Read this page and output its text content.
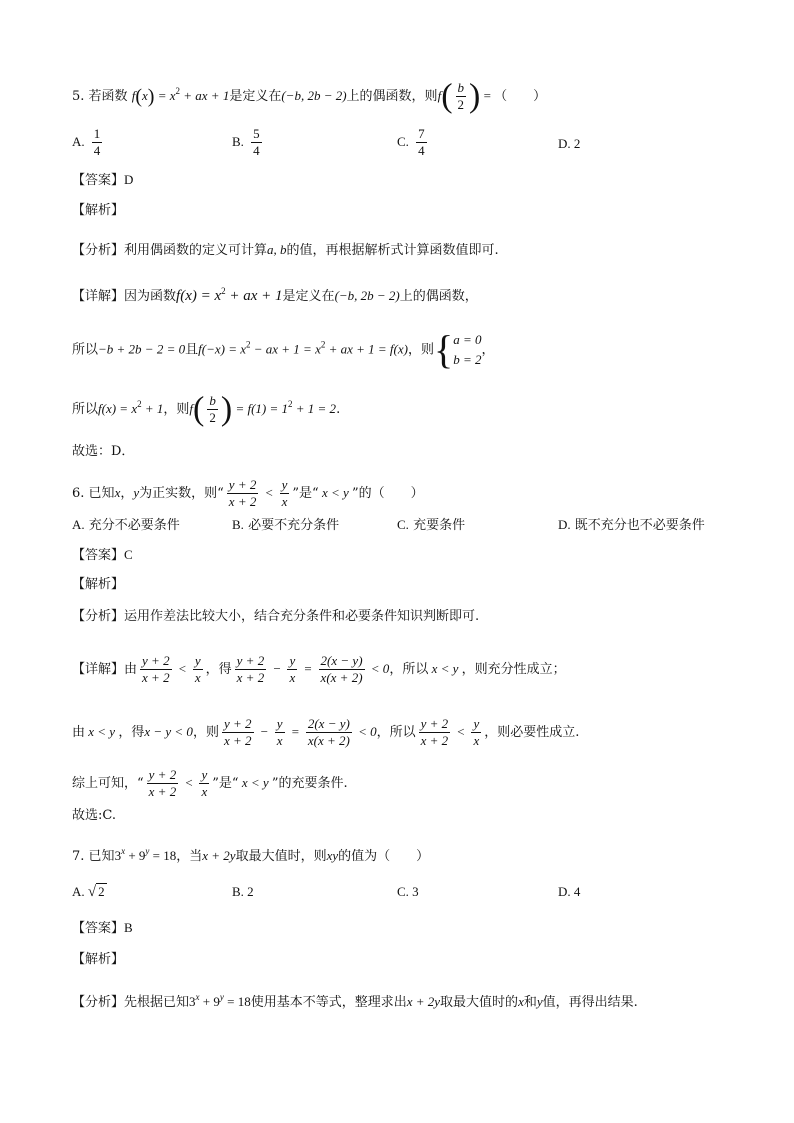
5. 若函数 $f(x) = x^2$ + ax + 1是定义在(−b, 2b − 2)上的偶函数，则$f( \frac{b}{2}$ ) = （　　）
A. $\frac{1}{4}$	B. $\frac{5}{4}$	C. $\frac{7}{4}$	D. 2
【答案】D
【解析】
【分析】利用偶函数的定义可计算a, b的值，再根据解析式计算函数值即可.
【详解】因为函数$f(x) = x^2$ + ax + 1是定义在(−b, 2b − 2)上的偶函数，
所以−b + 2b − 2 = 0且$f(-x) = x^2$ − ax + $1 = x^2$ + ax + 1 = f(x)，则{ a = 0
b = 2
，
所以$f(x) = x^2 + 1$，则$f( \frac{b}{2}$ ) = $f(1) = 1^2 + 1 = 2$.
故选：D．
6. 已知x，y为正实数，则“ $\frac{y + 2}{x + 2} < \frac{y}{x}$ ”是“ x < y ”的（　　）
A. 充分不必要条件	B. 必要不充分条件	C. 充要条件	D. 既不充分也不必要条件
【答案】C
【解析】
【分析】运用作差法比较大小，结合充分条件和必要条件知识判断即可.
【详解】由 $\frac{y + 2}{x + 2} < \frac{y}{x}$ ，得 $\frac{y + 2}{x + 2} - \frac{y}{x} = \frac{2(x - y)}{x(x + 2)} < 0$，所以 x < y ，则充分性成立；
由 x < y ，得x − y < 0，则 $\frac{y + 2}{x + 2} - \frac{y}{x} = \frac{2(x - y)}{x(x + 2)} < 0$，所以 $\frac{y + 2}{x + 2} < \frac{y}{x}$ ，则必要性成立.
综上可知，“ $\frac{y + 2}{x + 2} < \frac{y}{x}$ ”是“ x < y ”的充要条件.
故选:C.
7. 已知$3^x + 9^y = 18$，当x + 2y取最大值时，则xy的值为（　　）
A. √ 2	B. 2	C. 3	D. 4
【答案】B
【解析】
【分析】先根据已知$3^x + 9^y = 18$使用基本不等式，整理求出x + 2y取最大值时的x和y值，再得出结果.
